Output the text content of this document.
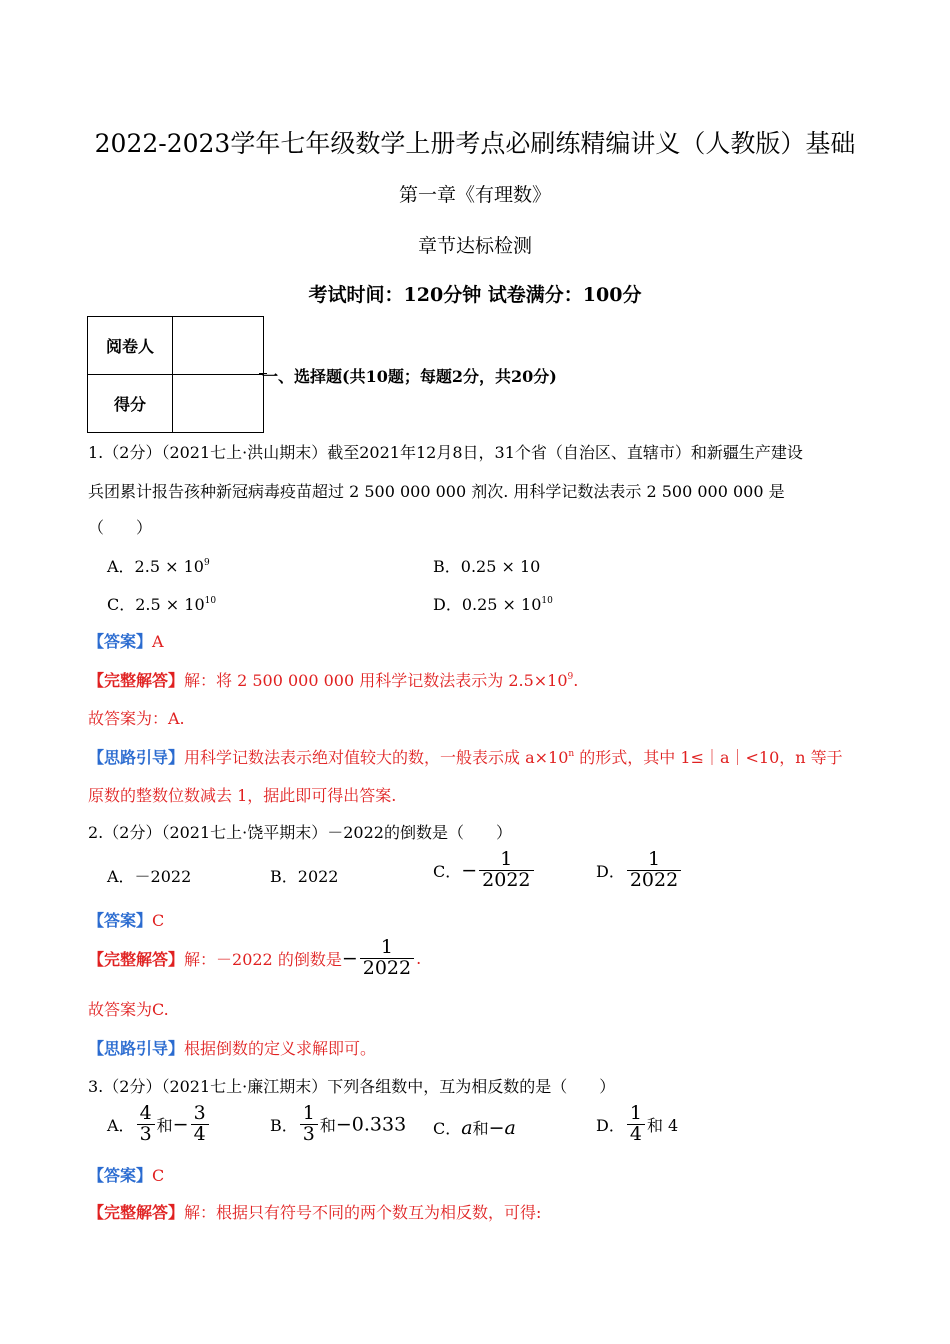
2022-2023学年七年级数学上册考点必刷练精编讲义（人教版）基础
第一章《有理数》
章节达标检测
考试时间：120分钟 试卷满分：100分
阅卷人	
得分	
一、选择题(共10题；每题2分，共20分)
1.（2分）（2021七上·洪山期末）截至2021年12月8日，31个省（自治区、直辖市）和新疆生产建设
兵团累计报告孩种新冠病毒疫苗超过 2 500 000 000 剂次. 用科学记数法表示 2 500 000 000 是
（　　）
A．$2.5 \times 10^9$	B．0.25 × 10
C．$2.5 \times 10^{10}$	D．$0.25 \times 10^{10}$
【答案】A
【完整解答】解：将 2 500 000 000 用科学记数法表示为 $2.5\times 10^9$.
故答案为：A.
【思路引导】用科学记数法表示绝对值较大的数，一般表示成 $a\times 10^n$ 的形式，其中 1≤｜a｜<10，n 等于
原数的整数位数减去 1，据此即可得出答案.
2.（2分）（2021七上·饶平期末）－2022的倒数是（　　）
A．－2022	B．2022	C．− $\frac{1}{2022}$	D． $\frac{1}{2022}$
【答案】C
【完整解答】解：－2022 的倒数是− $\frac{1}{2022}$ .
故答案为C.
【思路引导】根据倒数的定义求解即可。
3.（2分）（2021七上·廉江期末）下列各组数中，互为相反数的是（　　）
A． $\frac{4}{3}$ 和− $\frac{3}{4}$	B． $\frac{1}{3}$ 和−0.333 C．a和−a	D． $\frac{1}{4}$ 和 4
【答案】C
【完整解答】解：根据只有符号不同的两个数互为相反数，可得:
